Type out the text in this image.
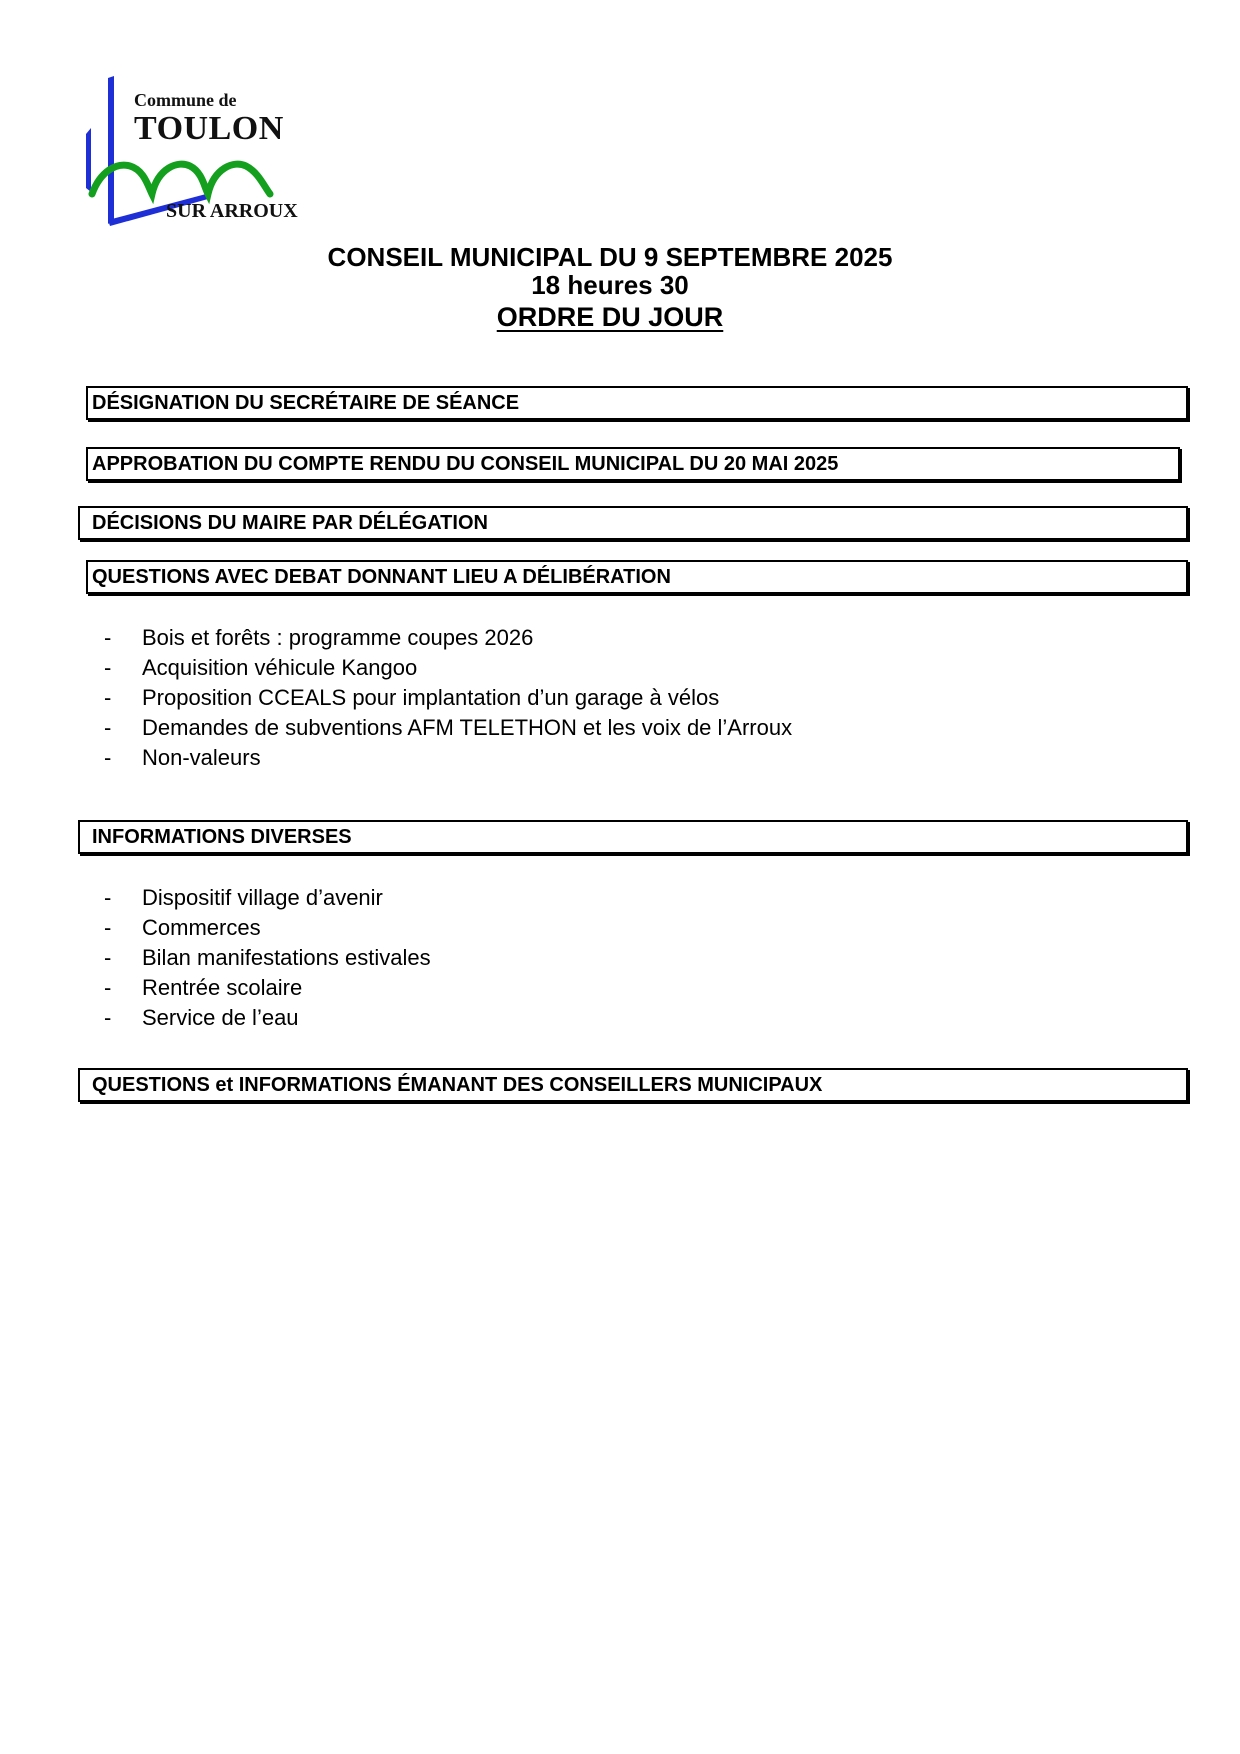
Commune de
TOULON
SUR ARROUX
CONSEIL MUNICIPAL DU 9 SEPTEMBRE 2025
18 heures 30
ORDRE DU JOUR
DÉSIGNATION DU SECRÉTAIRE DE SÉANCE
APPROBATION DU COMPTE RENDU DU CONSEIL MUNICIPAL DU 20 MAI 2025
DÉCISIONS DU MAIRE PAR DÉLÉGATION
QUESTIONS AVEC DEBAT DONNANT LIEU A DÉLIBÉRATION
- Bois et forêts : programme coupes 2026
- Acquisition véhicule Kangoo
- Proposition CCEALS pour implantation d’un garage à vélos
- Demandes de subventions AFM TELETHON et les voix de l’Arroux
- Non-valeurs
INFORMATIONS DIVERSES
- Dispositif village d’avenir
- Commerces
- Bilan manifestations estivales
- Rentrée scolaire
- Service de l’eau
QUESTIONS et INFORMATIONS ÉMANANT DES CONSEILLERS MUNICIPAUX
